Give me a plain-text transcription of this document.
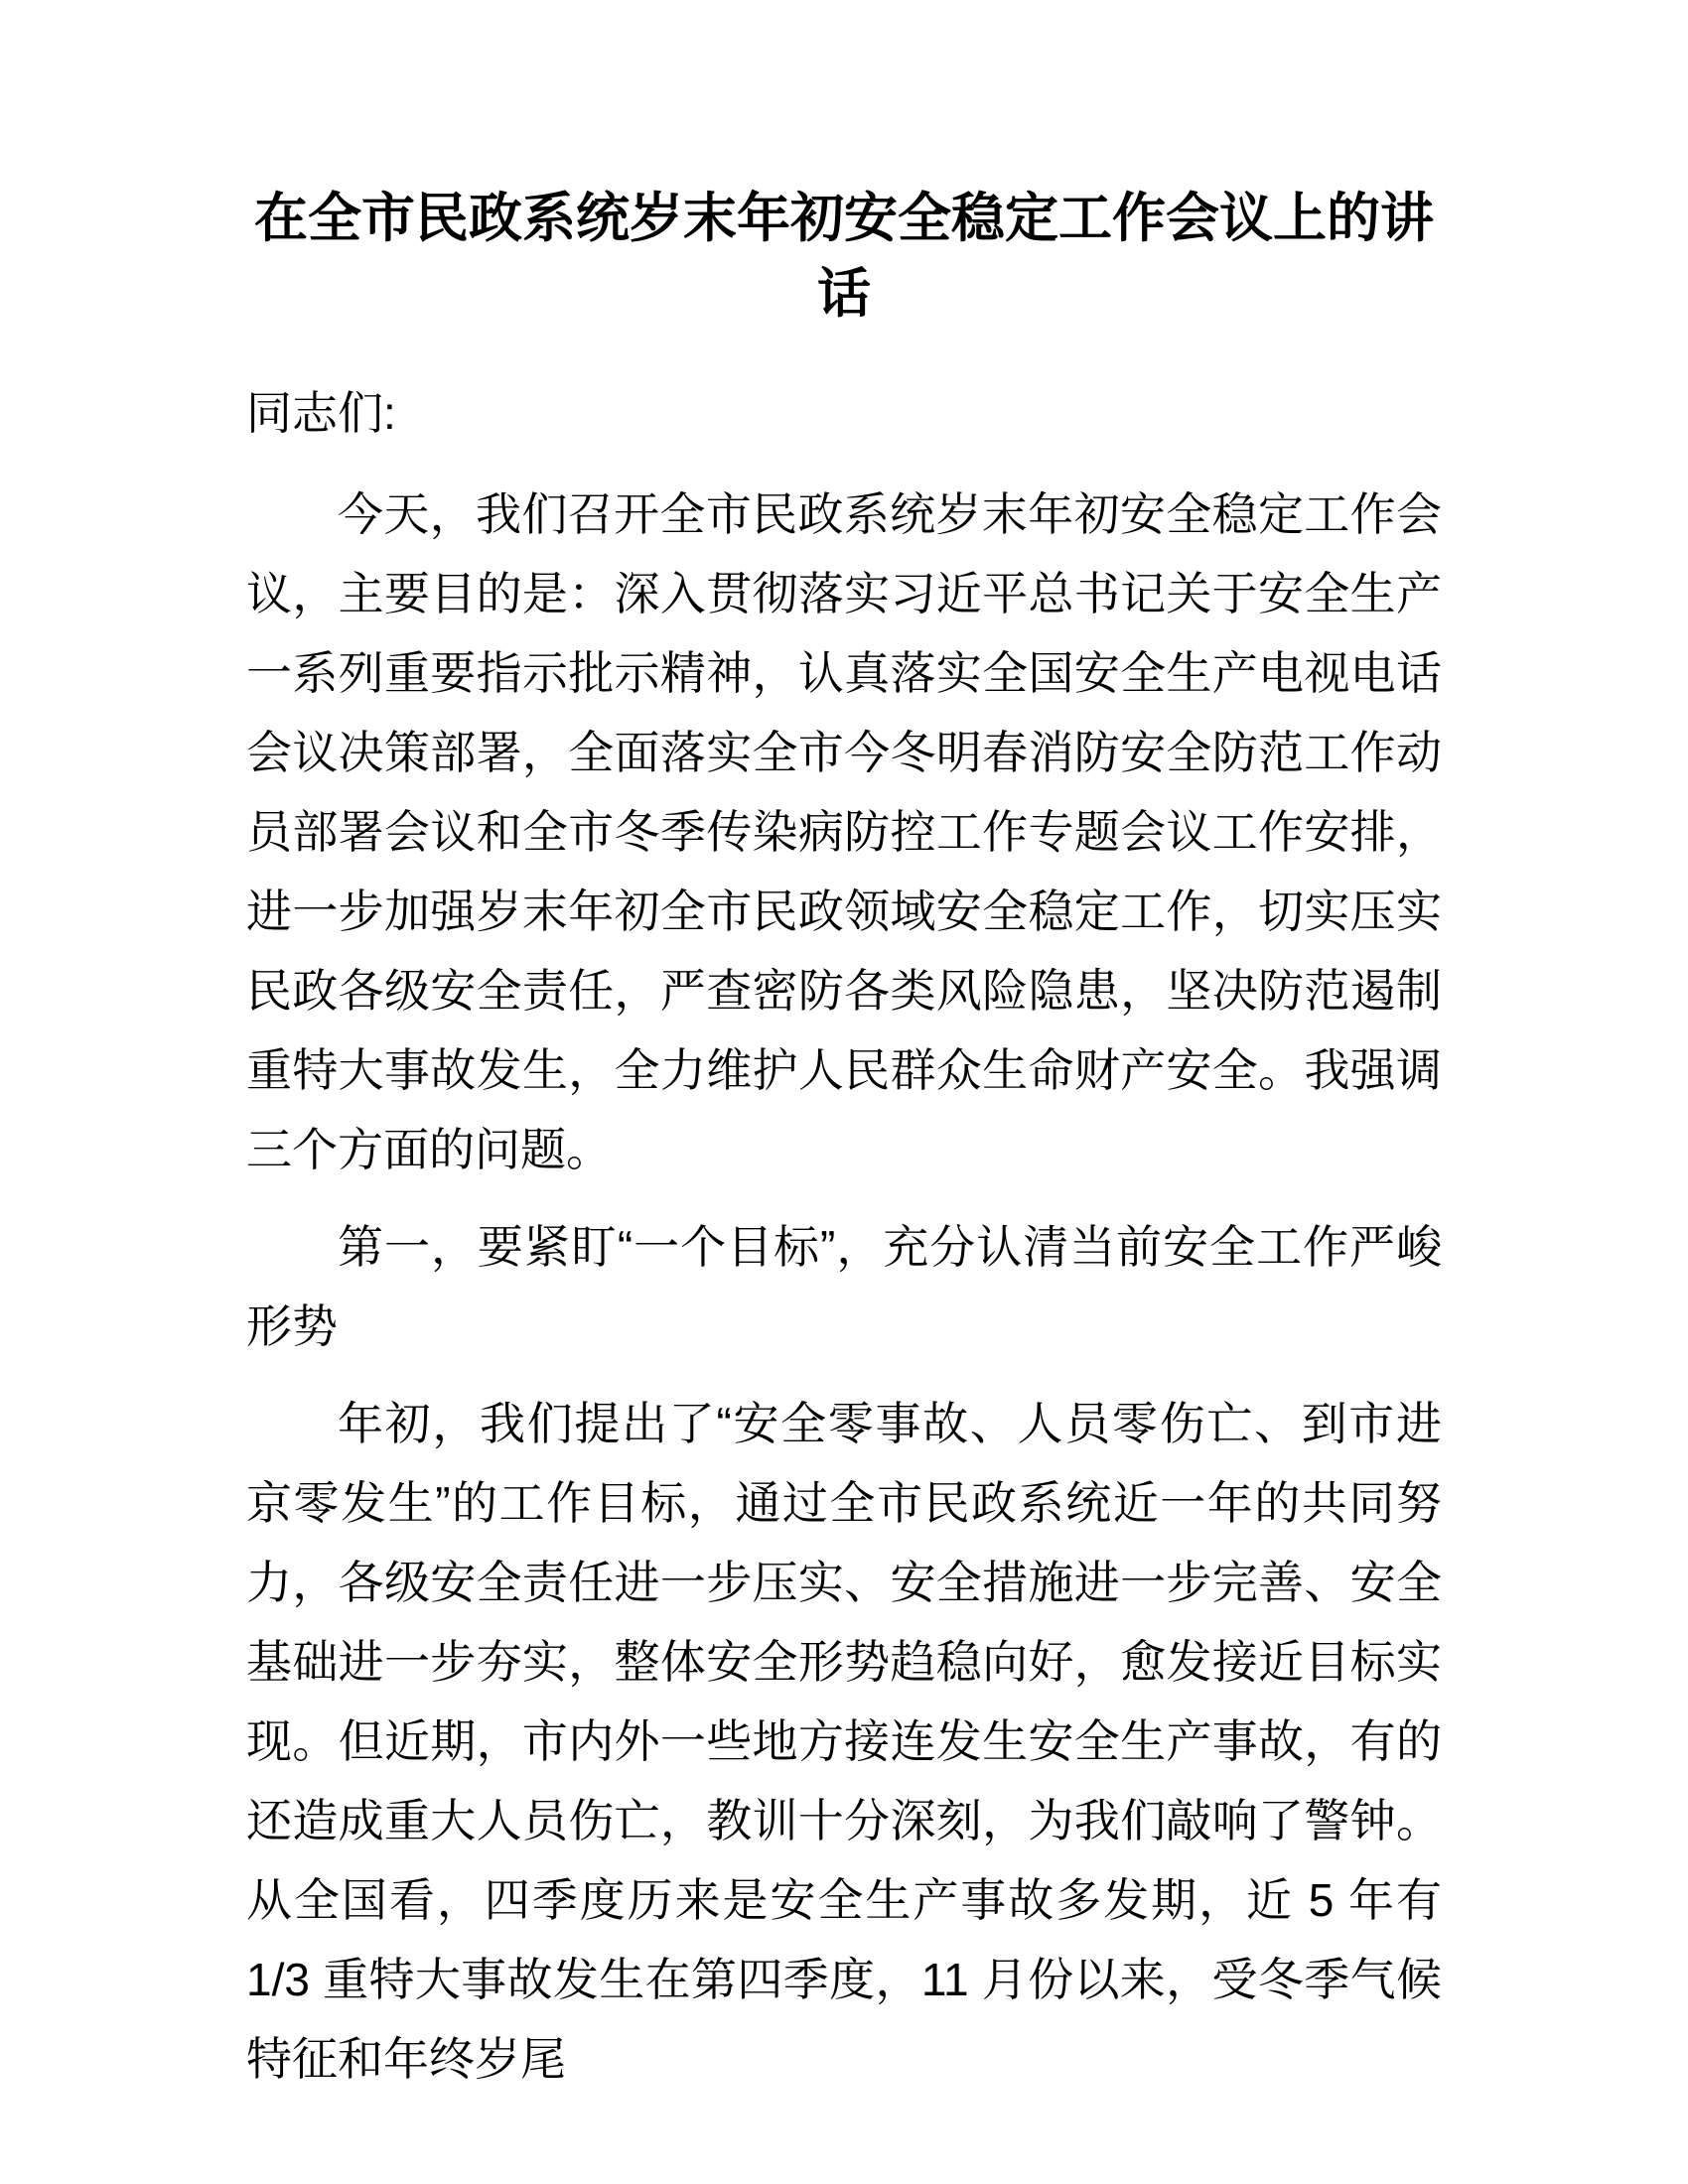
在全市民政系统岁末年初安全稳定工作会议上的讲话

同志们:

今天，我们召开全市民政系统岁末年初安全稳定工作会议，主要目的是：深入贯彻落实习近平总书记关于安全生产一系列重要指示批示精神，认真落实全国安全生产电视电话会议决策部署，全面落实全市今冬明春消防安全防范工作动员部署会议和全市冬季传染病防控工作专题会议工作安排，进一步加强岁末年初全市民政领域安全稳定工作，切实压实民政各级安全责任，严查密防各类风险隐患，坚决防范遏制重特大事故发生，全力维护人民群众生命财产安全。我强调三个方面的问题。

第一，要紧盯“一个目标”，充分认清当前安全工作严峻形势

年初，我们提出了“安全零事故、人员零伤亡、到市进京零发生”的工作目标，通过全市民政系统近一年的共同努力，各级安全责任进一步压实、安全措施进一步完善、安全基础进一步夯实，整体安全形势趋稳向好，愈发接近目标实现。但近期，市内外一些地方接连发生安全生产事故，有的还造成重大人员伤亡，教训十分深刻，为我们敲响了警钟。从全国看，四季度历来是安全生产事故多发期，近 5 年有 1/3 重特大事故发生在第四季度，11 月份以来，受冬季气候特征和年终岁尾
